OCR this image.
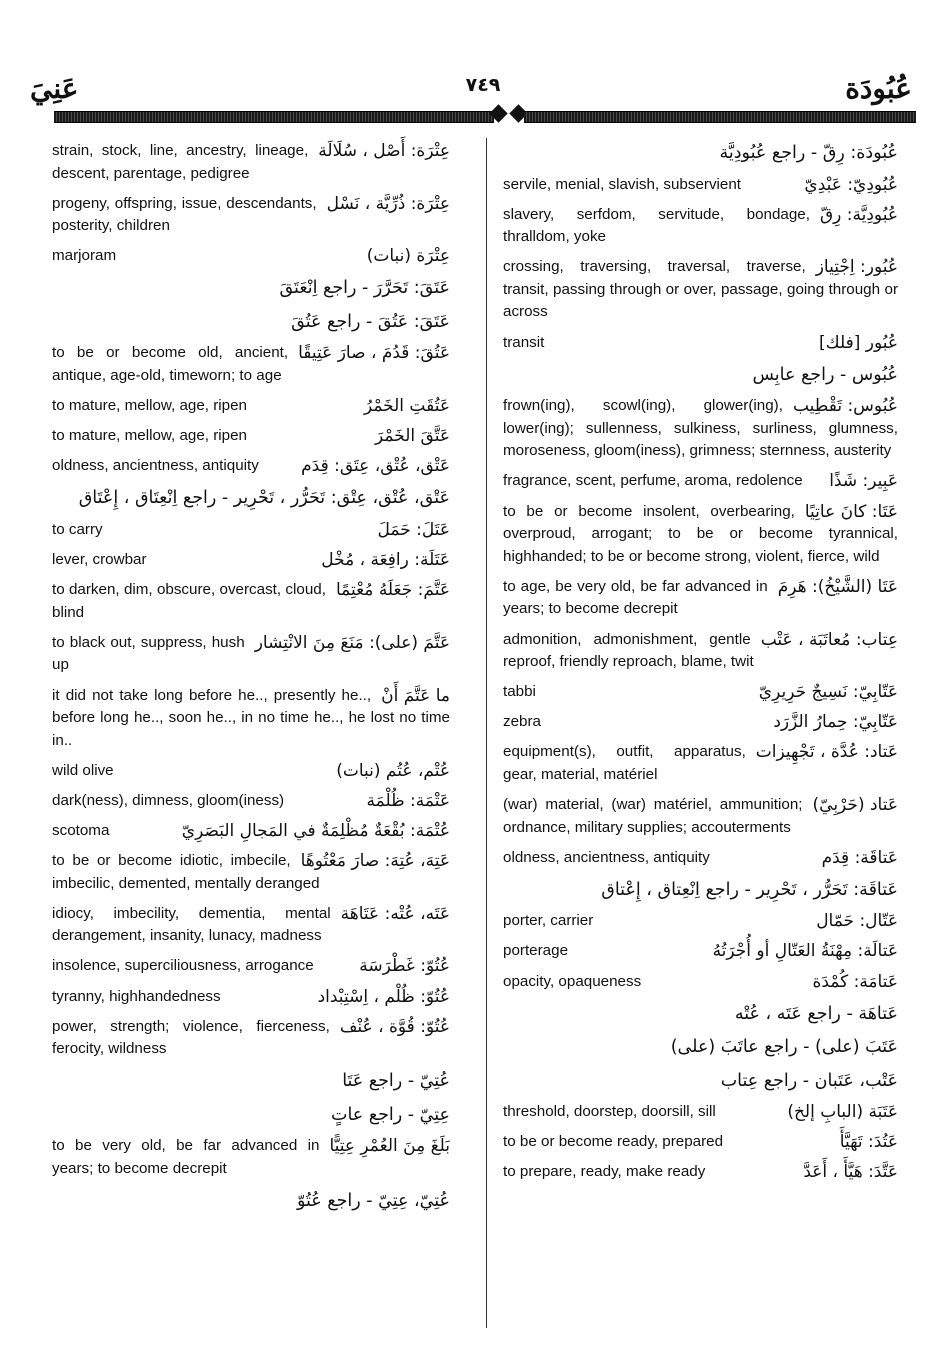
عَنِيَ	٧٤٩	عُبُودَة
عِتْرَة: أَصْل ، سُلَالَة
strain, stock, line, ancestry, lineage, descent, parentage, pedigree
عِتْرَة: ذُرِّيَّة ، نَسْل
progeny, offspring, issue, descendants, posterity, children
عِتْرَة (نبات)
marjoram
عَتَقَ: تَحَرَّرَ - راجع اِنْعَتَقَ
عَتَقَ: عَتُقَ - راجع عَتُقَ
عَتُقَ: قَدُمَ ، صارَ عَتِيقًا
to be or become old, ancient, antique, age-old, timeworn; to age
عَتُقَتِ الخَمْرُ
to mature, mellow, age, ripen
عَتَّقَ الخَمْرَ
to mature, mellow, age, ripen
عَتْق، عُتْق، عِتَق: قِدَم
oldness, ancientness, antiquity
عَتْق، عُتْق، عِتْق: تَحَرُّر ، تَحْرِير - راجع اِنْعِتَاق ، إِعْتَاق
عَتَلَ: حَمَلَ
to carry
عَتَلَة: رافِعَة ، مُخْل
lever, crowbar
عَتَّمَ: جَعَلَهُ مُعْتِمًا
to darken, dim, obscure, overcast, cloud, blind
عَتَّمَ (على): مَنَعَ مِنَ الانْتِشار
to black out, suppress, hush up
ما عَتَّمَ أَنْ
it did not take long before he.., presently he.., before long he.., soon he.., in no time he.., he lost no time in..
عُتْم، عُتُم (نبات)
wild olive
عَتْمَة: ظُلْمَة
dark(ness), dimness, gloom(iness)
عُتْمَة: بُقْعَةٌ مُظْلِمَةٌ في المَجالِ البَصَرِيّ
scotoma
عَتِهَ، عُتِهَ: صارَ مَعْتُوهًا
to be or become idiotic, imbecile, imbecilic, demented, mentally deranged
عَتَه، عُتْه: عَتَاهَة
idiocy, imbecility, dementia, mental derangement, insanity, lunacy, madness
عُتُوّ: غَطْرَسَة
insolence, superciliousness, arrogance
عُتُوّ: ظُلْم ، اِسْتِبْداد
tyranny, highhandedness
عُتُوّ: قُوَّة ، عُنْف
power, strength; violence, fierceness, ferocity, wildness
عُتِيّ - راجع عَتَا
عِتِيّ - راجع عاتٍ
بَلَغَ مِنَ العُمْرِ عِتِيًّا
to be very old, be far advanced in years; to become decrepit
عُتِيّ، عِتِيّ - راجع عُتُوّ
عُبُودَة: رِقّ - راجع عُبُودِيَّة
عُبُودِيّ: عَبْدِيّ
servile, menial, slavish, subservient
عُبُودِيَّة: رِقّ
slavery, serfdom, servitude, bondage, thralldom, yoke
عُبُور: اِجْتِياز
crossing, traversing, traversal, traverse, transit, passing through or over, passage, going through or across
عُبُور [فلك]
transit
عُبُوس - راجع عابِس
عُبُوس: تَقْطِيب
frown(ing), scowl(ing), glower(ing), lower(ing); sullenness, sulkiness, surliness, glumness, moroseness, gloom(iness), grimness; sternness, austerity
عَبِير: شَذًا
fragrance, scent, perfume, aroma, redolence
عَتَا: كانَ عاتِيًا
to be or become insolent, overbearing, overproud, arrogant; to be or become tyrannical, highhanded; to be or become strong, violent, fierce, wild
عَتَا (الشَّيْخُ): هَرِمَ
to age, be very old, be far advanced in years; to become decrepit
عِتاب: مُعاتَبَة ، عَتْب
admonition, admonishment, gentle reproof, friendly reproach, blame, twit
عَتّابِيّ: نَسِيجٌ حَرِيرِيّ
tabbi
عَتّابِيّ: حِمارُ الزَّرَد
zebra
عَتاد: عُدَّة ، تَجْهِيزات
equipment(s), outfit, apparatus, gear, material, matériel
عَتاد (حَرْبِيّ)
(war) material, (war) matériel, ammunition; ordnance, military supplies; accouterments
عَتاقَة: قِدَم
oldness, ancientness, antiquity
عَتاقَة: تَحَرُّر ، تَحْرِير - راجع اِنْعِتاق ، إِعْتاق
عَتّال: حَمّال
porter, carrier
عَتالَة: مِهْنَةُ العَتّالِ أو أُجْرَتُهُ
porterage
عَتامَة: كُمْدَة
opacity, opaqueness
عَتاهَة - راجع عَتَه ، عُتْه
عَتَبَ (على) - راجع عاتَبَ (على)
عَتْب، عَتَبان - راجع عِتاب
عَتَبَة (البابِ إلخ)
threshold, doorstep, doorsill, sill
عَتُدَ: تَهَيَّأَ
to be or become ready, prepared
عَتَّدَ: هَيَّأَ ، أَعَدَّ
to prepare, ready, make ready
